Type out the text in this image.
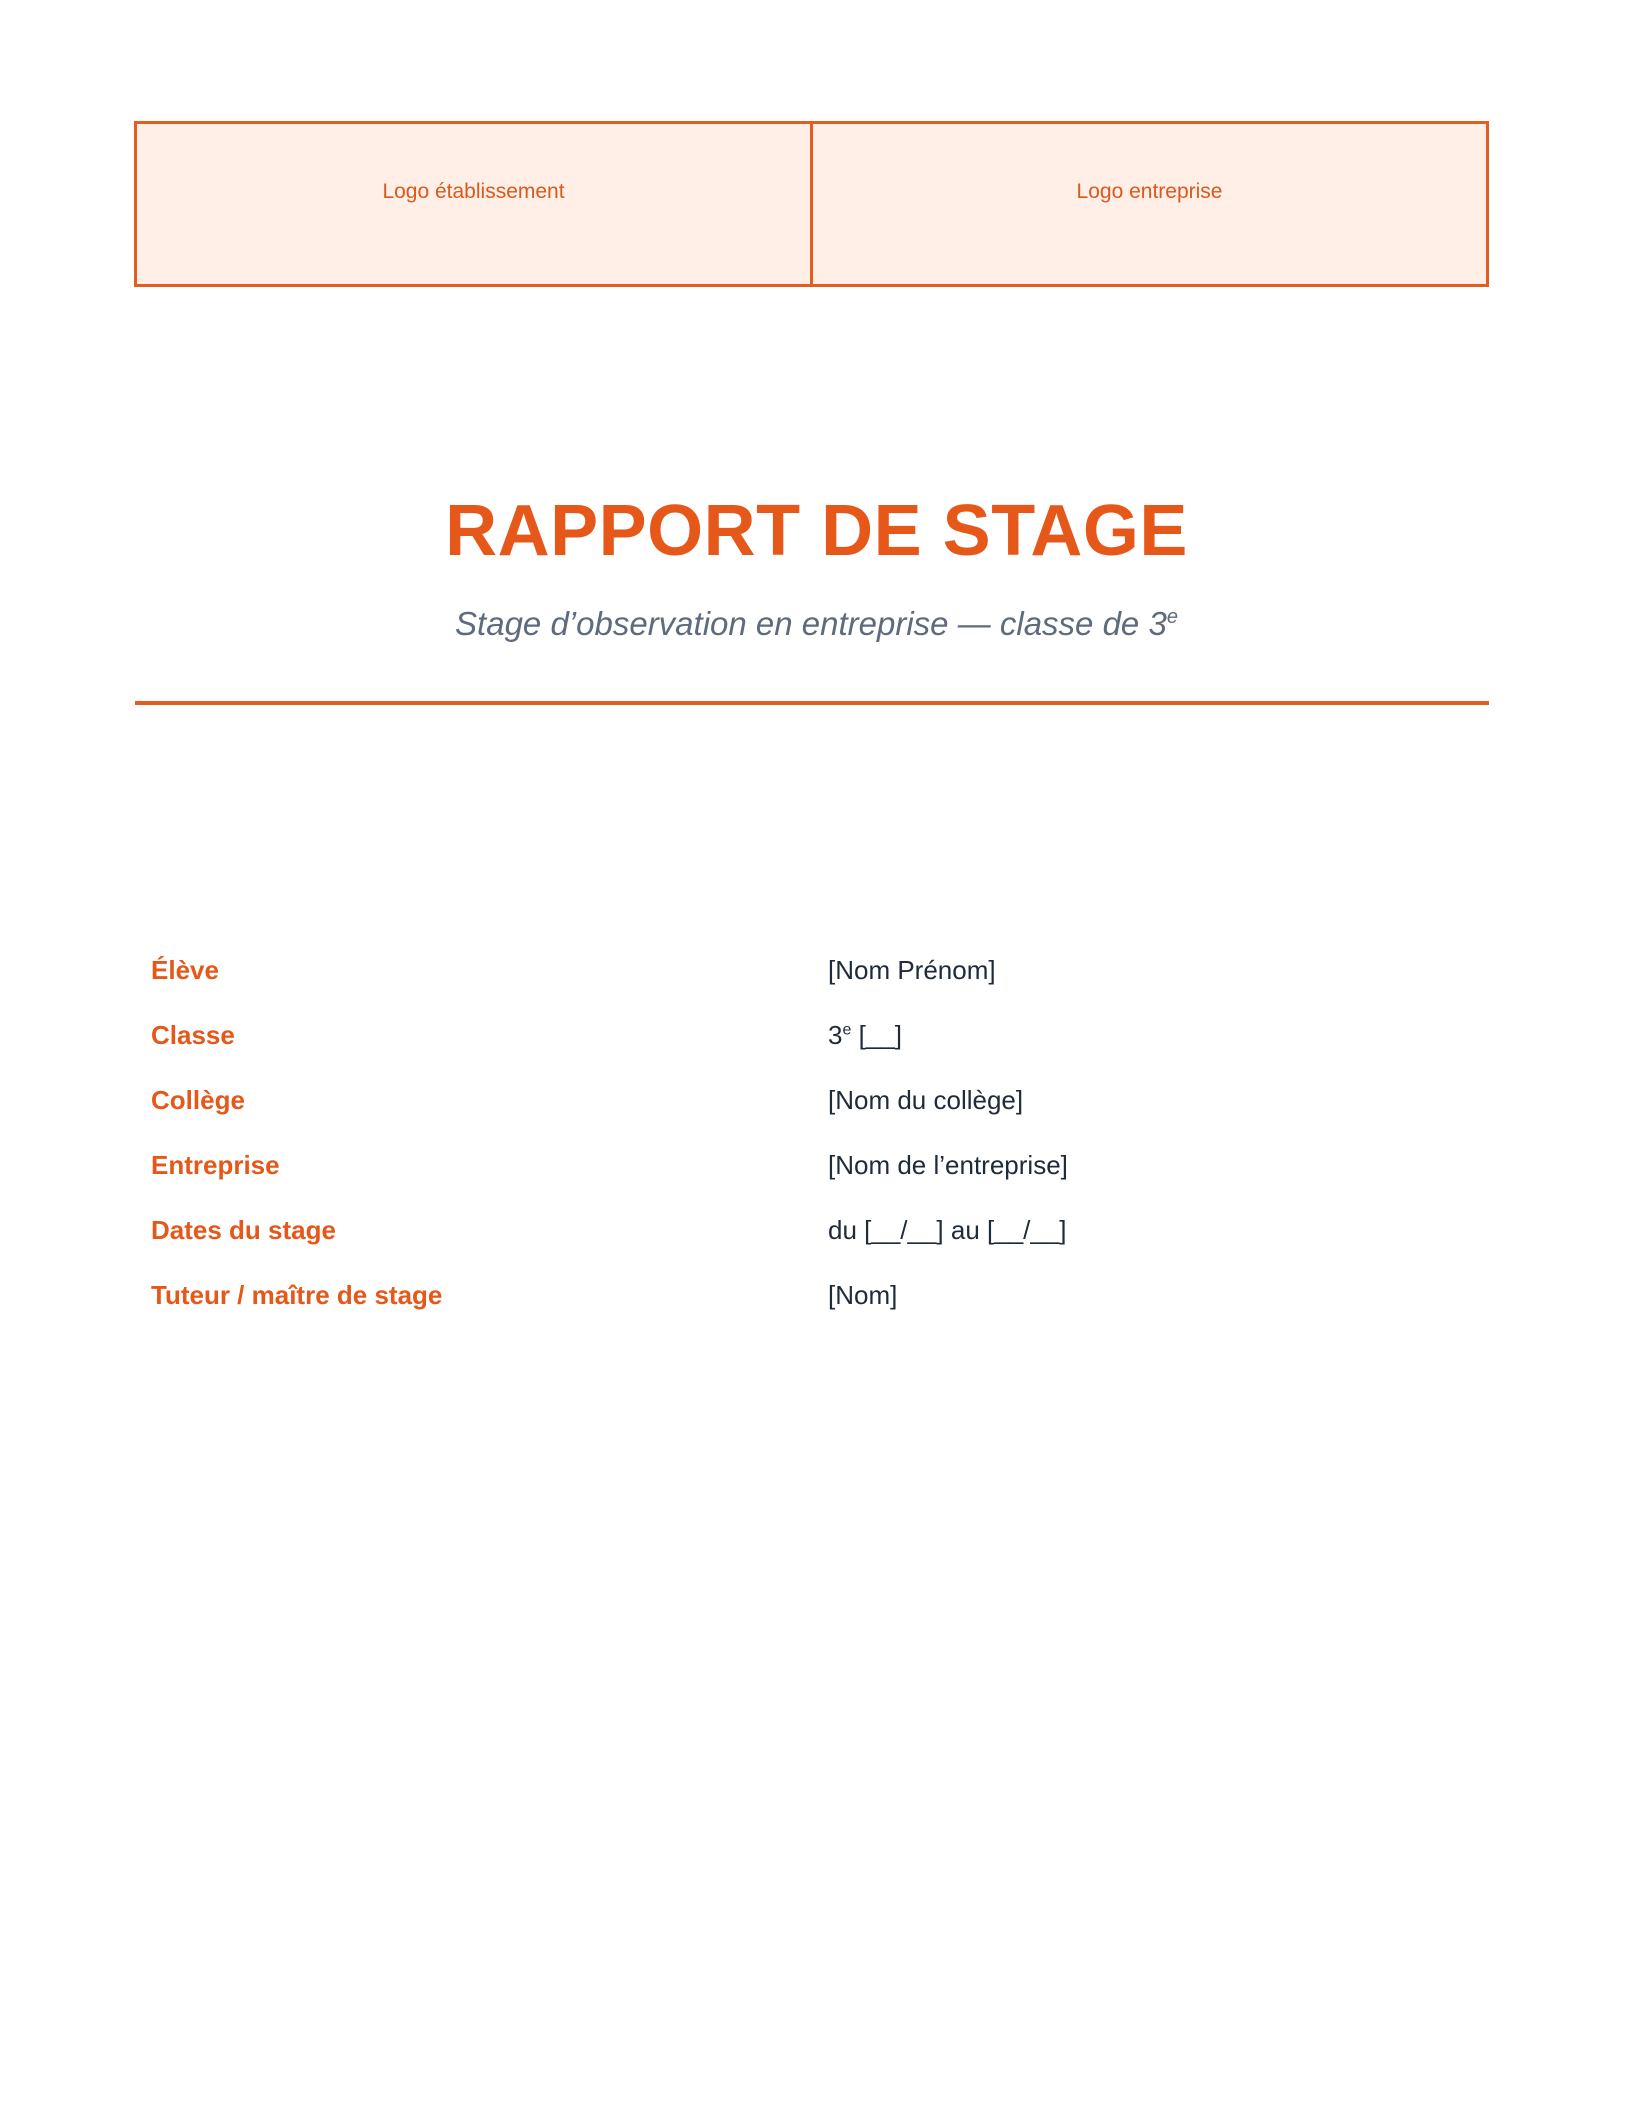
Logo établissement	Logo entreprise
RAPPORT DE STAGE
Stage d’observation en entreprise — classe de 3e
Élève	[Nom Prénom]
Classe	3e [__]
Collège	[Nom du collège]
Entreprise	[Nom de l’entreprise]
Dates du stage	du [__/__] au [__/__]
Tuteur / maître de stage	[Nom]
